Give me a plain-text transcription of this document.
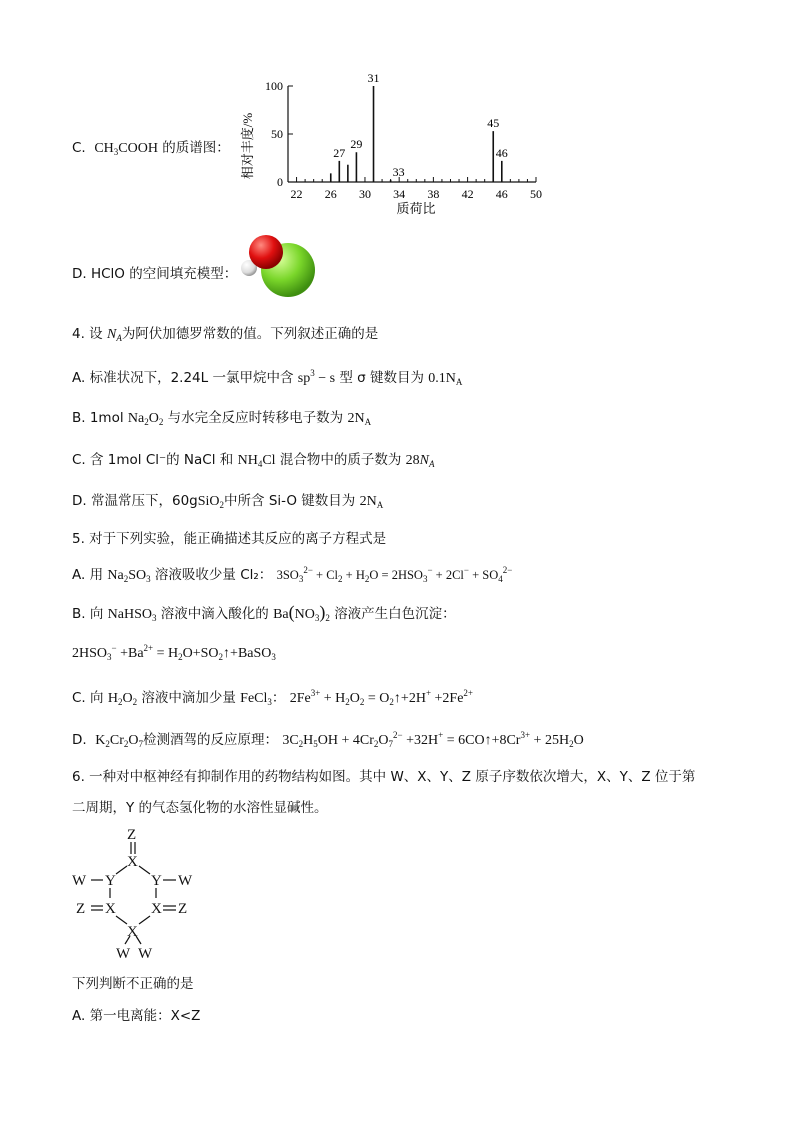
C. $CH_3COOH$ 的质谱图： 相对丰度/%
质荷比
0
50
100
22 26 30 34 38 42 46 50
27
29
31
33
45
46
D. HClO 的空间填充模型：
4. 设 $N_A$为阿伏加德罗常数的值。下列叙述正确的是
A. 标准状况下，2.24L 一氯甲烷中含 $sp^3 - s$ 型 σ 键数目为 $0.1N_A$
B. 1mol $Na_2O_2$ 与水完全反应时转移电子数为 $2N_A$
C. 含 1mol Cl⁻的 NaCl 和 $NH_4Cl$ 混合物中的质子数为 $28N_A$
D. 常温常压下，60gSiO$_2$中所含 Si-O 键数目为 $2N_A$
5. 对于下列实验，能正确描述其反应的离子方程式是
A. 用 $Na_2SO_3$ 溶液吸收少量 Cl₂： $3SO_3^{2-} + Cl_2 + H_2O = 2HSO_3^- + 2Cl^- + SO_4^{2-}$
B. 向 NaHSO$_3$ 溶液中滴入酸化的 $Ba(NO_3)_2$ 溶液产生白色沉淀：
$2HSO_3^- +Ba^{2+}$ = $H_2O+SO_2↑+BaSO_3$
C. 向 $H_2O_2$ 溶液中滴加少量 FeCl$_3$： $2Fe^{3+} + H_2O_2$ = $O_2↑+2H^+ +2Fe^{2+}$
D. $K_2Cr_2O_7$检测酒驾的反应原理： $3C_2H_5OH + 4Cr_2O_7^{2-} +32H^+$ = $6CO↑+8Cr^{3+} + 25H_2O$
6. 一种对中枢神经有抑制作用的药物结构如图。其中 W、X、Y、Z 原子序数依次增大，X、Y、Z 位于第
二周期，Y 的气态氢化物的水溶性显碱性。
Z
X
W Y Y W
Z X X Z
X
W W
下列判断不正确的是
A. 第一电离能：X<Z
